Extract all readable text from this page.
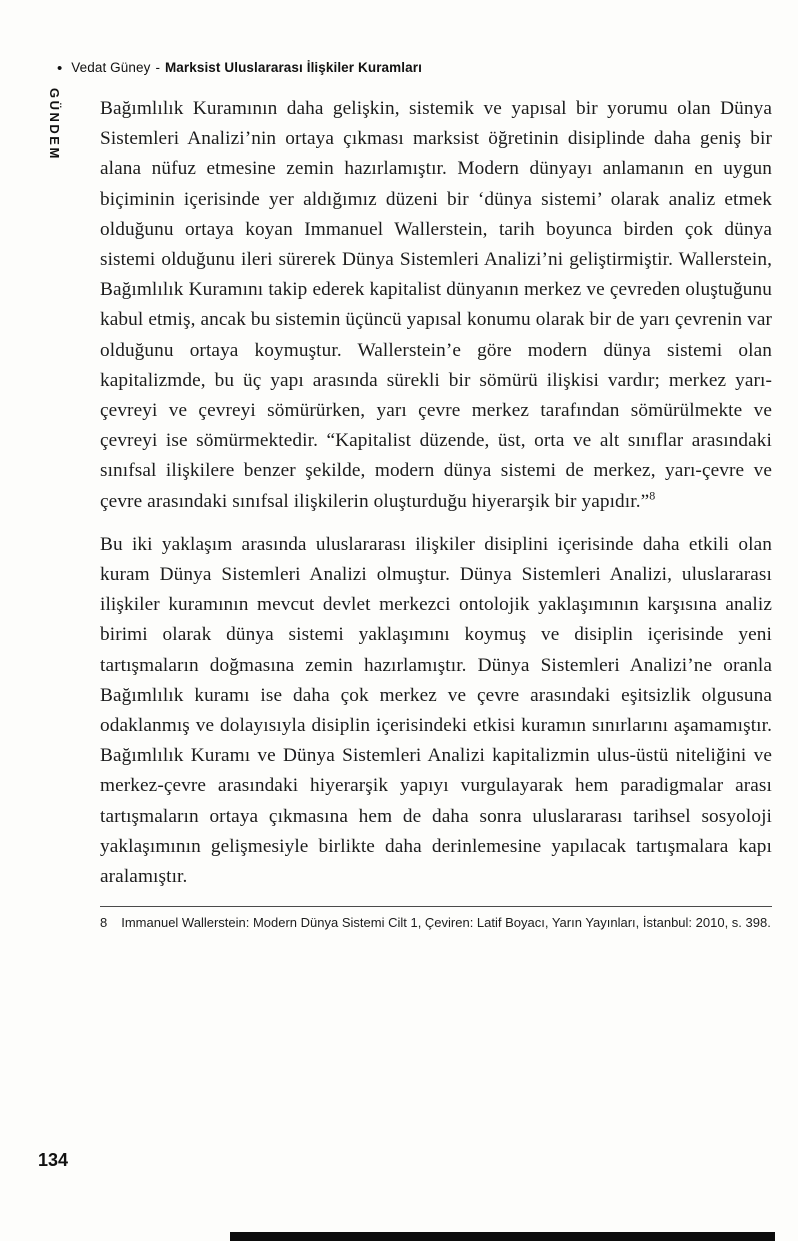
• Vedat Güney - Marksist Uluslararası İlişkiler Kuramları
GÜNDEM Bağımlılık Kuramının daha gelişkin, sistemik ve yapısal bir yorumu olan Dünya Sistemleri Analizi’nin ortaya çıkması marksist öğretinin disiplinde daha geniş bir alana nüfuz etmesine zemin hazırlamıştır. Modern dünyayı anlamanın en uygun biçiminin içerisinde yer aldığımız düzeni bir ‘dünya sistemi’ olarak analiz etmek olduğunu ortaya koyan Immanuel Wallerstein, tarih boyunca birden çok dünya sistemi olduğunu ileri sürerek Dünya Sistemleri Analizi’ni geliştirmiştir. Wallerstein, Bağımlılık Kuramını takip ederek kapitalist dünyanın merkez ve çevreden oluştuğunu kabul etmiş, ancak bu sistemin üçüncü yapısal konumu olarak bir de yarı çevrenin var olduğunu ortaya koymuştur. Wallerstein’e göre modern dünya sistemi olan kapitalizmde, bu üç yapı arasında sürekli bir sömürü ilişkisi vardır; merkez yarı-çevreyi ve çevreyi sömürürken, yarı çevre merkez tarafından sömürülmekte ve çevreyi ise sömürmektedir. “Kapitalist düzende, üst, orta ve alt sınıflar arasındaki sınıfsal ilişkilere benzer şekilde, modern dünya sistemi de merkez, yarı-çevre ve çevre arasındaki sınıfsal ilişkilerin oluşturduğu hiyerarşik bir yapıdır.”$^8$

Bu iki yaklaşım arasında uluslararası ilişkiler disiplini içerisinde daha etkili olan kuram Dünya Sistemleri Analizi olmuştur. Dünya Sistemleri Analizi, uluslararası ilişkiler kuramının mevcut devlet merkezci ontolojik yaklaşımının karşısına analiz birimi olarak dünya sistemi yaklaşımını koymuş ve disiplin içerisinde yeni tartışmaların doğmasına zemin hazırlamıştır. Dünya Sistemleri Analizi’ne oranla Bağımlılık kuramı ise daha çok merkez ve çevre arasındaki eşitsizlik olgusuna odaklanmış ve dolayısıyla disiplin içerisindeki etkisi kuramın sınırlarını aşamamıştır. Bağımlılık Kuramı ve Dünya Sistemleri Analizi kapitalizmin ulus-üstü niteliğini ve merkez-çevre arasındaki hiyerarşik yapıyı vurgulayarak hem paradigmalar arası tartışmaların ortaya çıkmasına hem de daha sonra uluslararası tarihsel sosyoloji yaklaşımının gelişmesiyle birlikte daha derinlemesine yapılacak tartışmalara kapı aralamıştır.

8 Immanuel Wallerstein: Modern Dünya Sistemi Cilt 1, Çeviren: Latif Boyacı, Yarın Yayınları, İstanbul: 2010, s. 398.
134
